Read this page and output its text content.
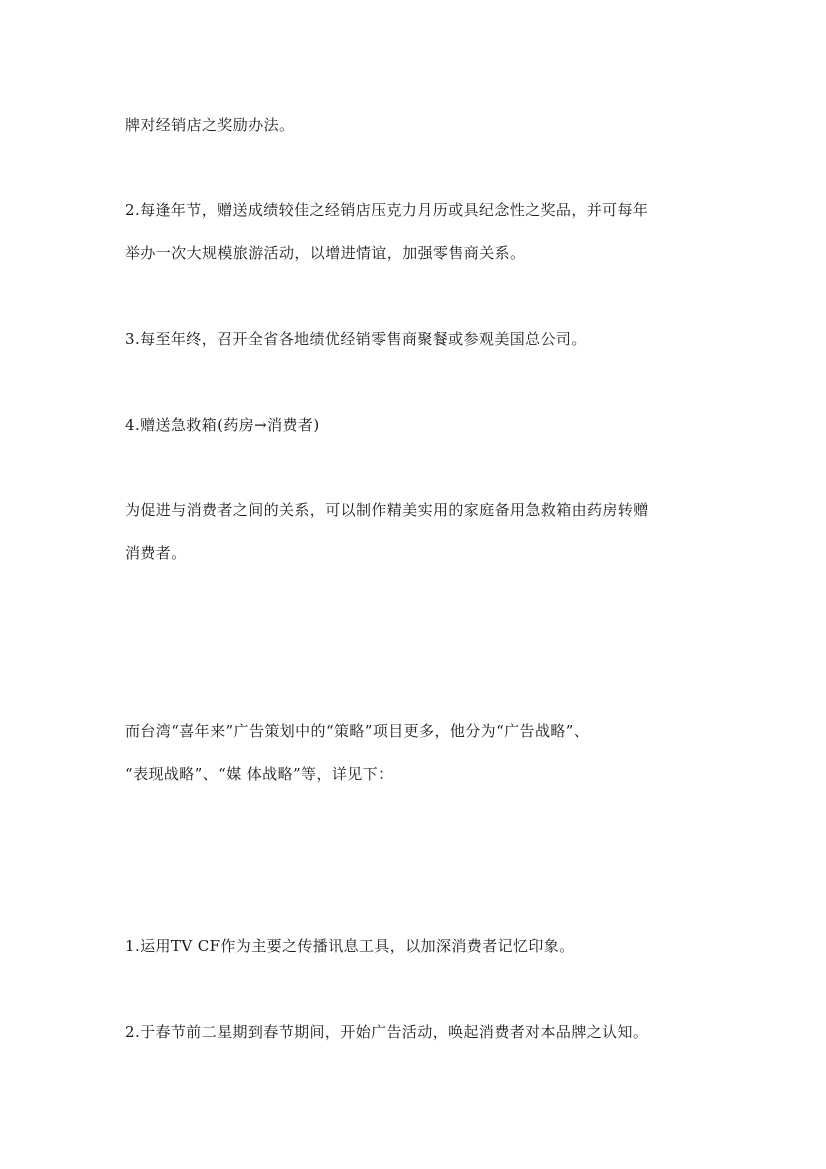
牌对经销店之奖励办法。

2.每逢年节，赠送成绩较佳之经销店压克力月历或具纪念性之奖品，并可每年

举办一次大规模旅游活动，以增进情谊，加强零售商关系。

3.每至年终，召开全省各地绩优经销零售商聚餐或参观美国总公司。

4.赠送急救箱(药房→消费者)

为促进与消费者之间的关系，可以制作精美实用的家庭备用急救箱由药房转赠

消费者。

而台湾“喜年来”广告策划中的“策略”项目更多，他分为“广告战略”、

“表现战略”、“媒 体战略”等，详见下：

1.运用TV CF作为主要之传播讯息工具，以加深消费者记忆印象。

2.于春节前二星期到春节期间，开始广告活动，唤起消费者对本品牌之认知。
